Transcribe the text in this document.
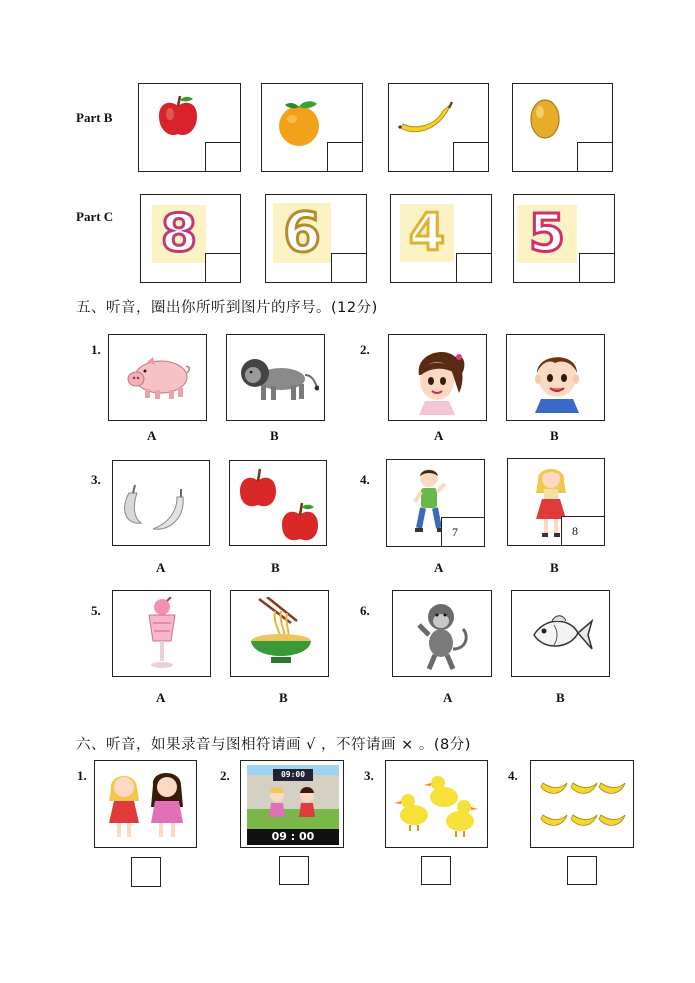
Part B
Part C 8 6 4 5
五、听音，圈出你所听到图片的序号。(12分)
1.
A	B
2.
A	B
3.
A	B
4.
7	8
A	B
5.
A	B
6.
A	B
六、听音，如果录音与图相符请画 √ ，不符请画 × 。(8分)
1.	2.	09:00
09 : 00
3.	4.
